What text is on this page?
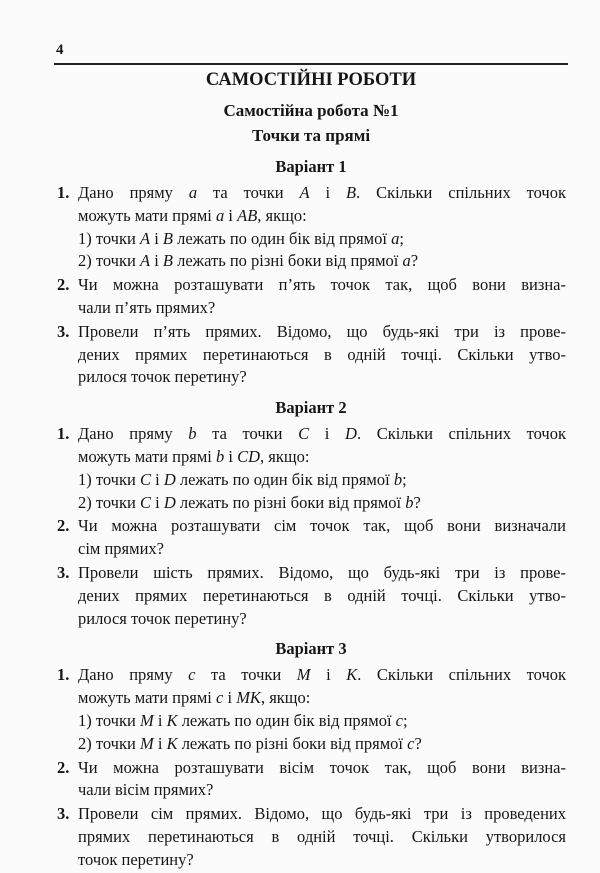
4
САМОСТІЙНІ РОБОТИ
Самостійна робота №1
Точки та прямі
Варіант 1
1. Дано пряму a та точки A і B. Скільки спільних точок
можуть мати прямі a і AB, якщо:
1) точки A і B лежать по один бік від прямої a;
2) точки A і B лежать по різні боки від прямої a?
2. Чи можна розташувати п’ять точок так, щоб вони визна-
чали п’ять прямих?
3. Провели п’ять прямих. Відомо, що будь-які три із прове-
дених прямих перетинаються в одній точці. Скільки утво-
рилося точок перетину?
Варіант 2
1. Дано пряму b та точки C і D. Скільки спільних точок
можуть мати прямі b і CD, якщо:
1) точки C і D лежать по один бік від прямої b;
2) точки C і D лежать по різні боки від прямої b?
2. Чи можна розташувати сім точок так, щоб вони визначали
сім прямих?
3. Провели шість прямих. Відомо, що будь-які три із прове-
дених прямих перетинаються в одній точці. Скільки утво-
рилося точок перетину?
Варіант 3
1. Дано пряму c та точки M і K. Скільки спільних точок
можуть мати прямі c і MK, якщо:
1) точки M і K лежать по один бік від прямої c;
2) точки M і K лежать по різні боки від прямої c?
2. Чи можна розташувати вісім точок так, щоб вони визна-
чали вісім прямих?
3. Провели сім прямих. Відомо, що будь-які три із проведених
прямих перетинаються в одній точці. Скільки утворилося
точок перетину?
